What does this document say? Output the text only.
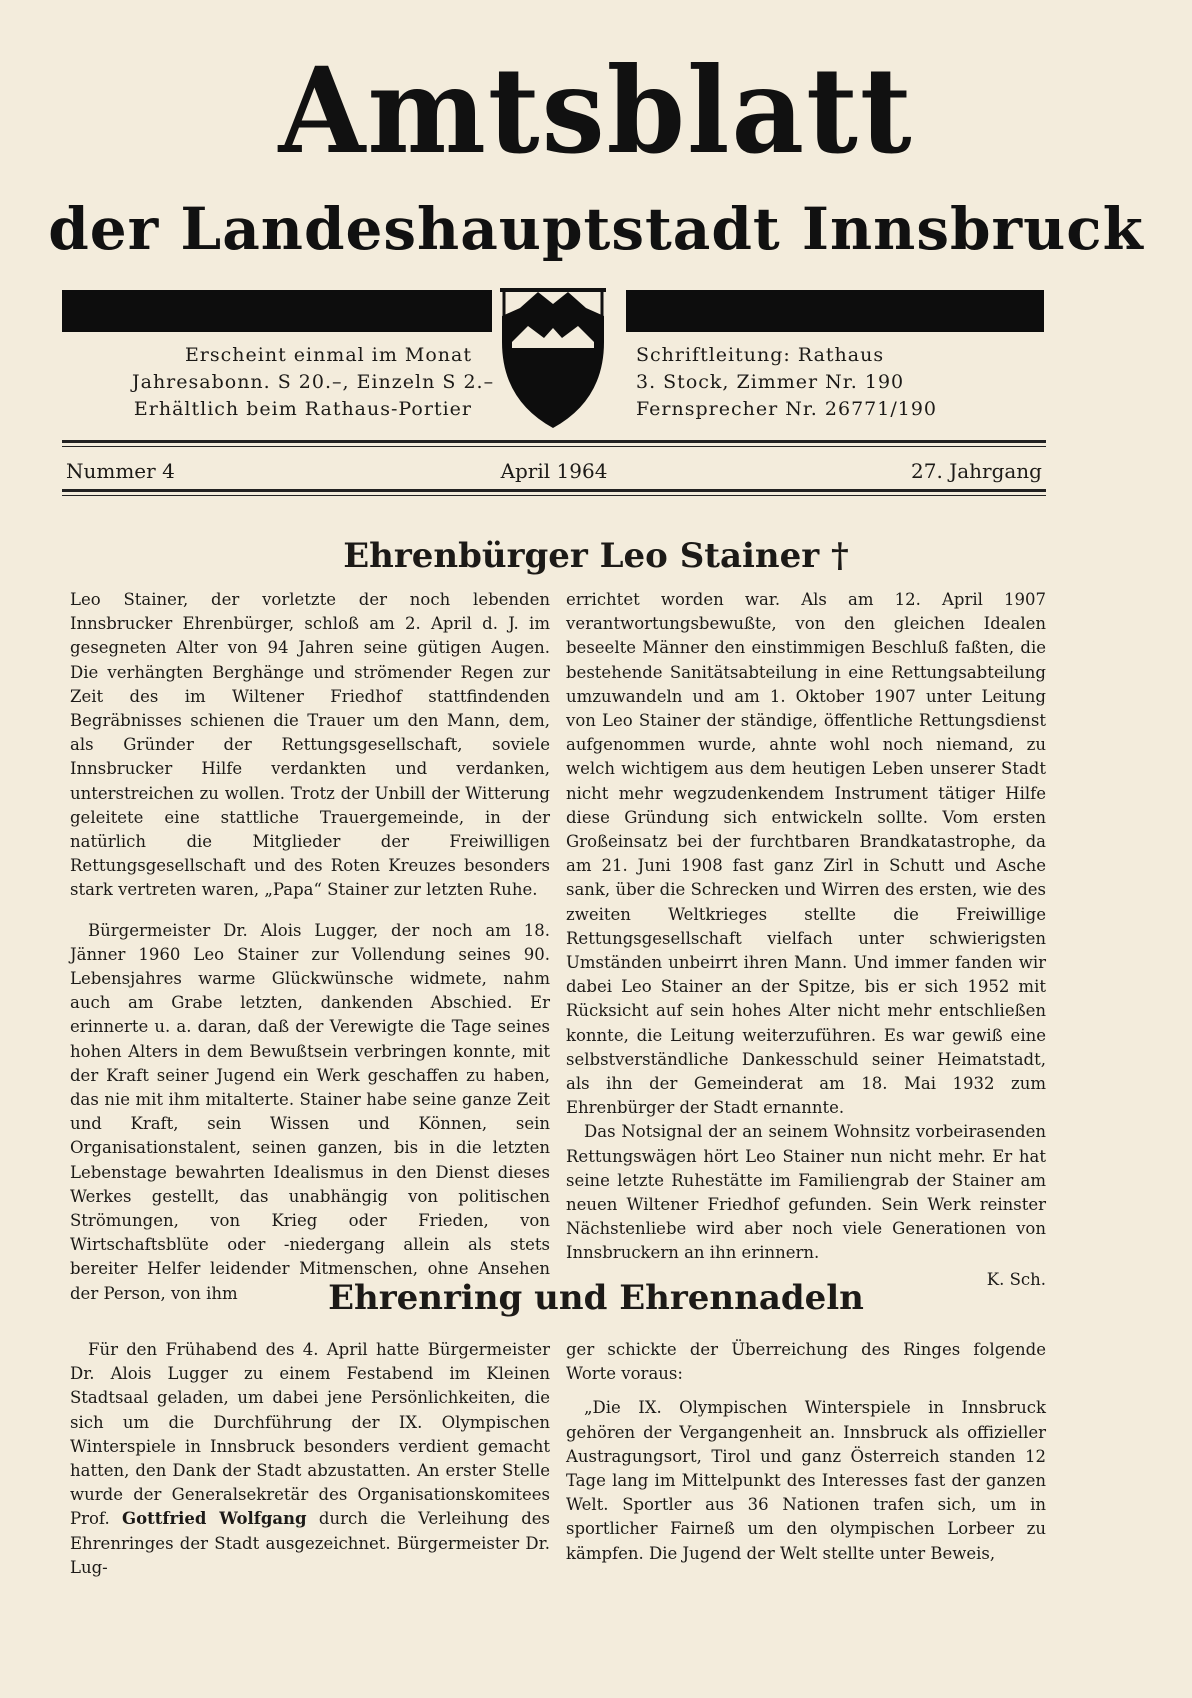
Amtsblatt
der Landeshauptstadt Innsbruck
Erscheint einmal im Monat
Jahresabonn. S 20.–, Einzeln S 2.–
Erhältlich beim Rathaus-Portier
Schriftleitung: Rathaus
3. Stock, Zimmer Nr. 190
Fernsprecher Nr. 26771/190
Nummer 4	April 1964	27. Jahrgang
Ehrenbürger Leo Stainer †

Leo Stainer, der vorletzte der noch lebenden Innsbrucker Ehrenbürger, schloß am 2. April d. J. im gesegneten Alter von 94 Jahren seine gütigen Augen. Die verhängten Berghänge und strömender Regen zur Zeit des im Wiltener Friedhof stattfindenden Begräbnisses schienen die Trauer um den Mann, dem, als Gründer der Rettungsgesellschaft, soviele Innsbrucker Hilfe verdankten und verdanken, unterstreichen zu wollen. Trotz der Unbill der Witterung geleitete eine stattliche Trauergemeinde, in der natürlich die Mitglieder der Freiwilligen Rettungsgesellschaft und des Roten Kreuzes besonders stark vertreten waren, „Papa“ Stainer zur letzten Ruhe.

Bürgermeister Dr. Alois Lugger, der noch am 18. Jänner 1960 Leo Stainer zur Vollendung seines 90. Lebensjahres warme Glückwünsche widmete, nahm auch am Grabe letzten, dankenden Abschied. Er erinnerte u. a. daran, daß der Verewigte die Tage seines hohen Alters in dem Bewußtsein verbringen konnte, mit der Kraft seiner Jugend ein Werk geschaffen zu haben, das nie mit ihm mitalterte. Stainer habe seine ganze Zeit und Kraft, sein Wissen und Können, sein Organisationstalent, seinen ganzen, bis in die letzten Lebenstage bewahrten Idealismus in den Dienst dieses Werkes gestellt, das unabhängig von politischen Strömungen, von Krieg oder Frieden, von Wirtschaftsblüte oder -niedergang allein als stets bereiter Helfer leidender Mitmenschen, ohne Ansehen der Person, von ihm

errichtet worden war. Als am 12. April 1907 verantwortungsbewußte, von den gleichen Idealen beseelte Männer den einstimmigen Beschluß faßten, die bestehende Sanitätsabteilung in eine Rettungsabteilung umzuwandeln und am 1. Oktober 1907 unter Leitung von Leo Stainer der ständige, öffentliche Rettungsdienst aufgenommen wurde, ahnte wohl noch niemand, zu welch wichtigem aus dem heutigen Leben unserer Stadt nicht mehr wegzudenkendem Instrument tätiger Hilfe diese Gründung sich entwickeln sollte. Vom ersten Großeinsatz bei der furchtbaren Brandkatastrophe, da am 21. Juni 1908 fast ganz Zirl in Schutt und Asche sank, über die Schrecken und Wirren des ersten, wie des zweiten Weltkrieges stellte die Freiwillige Rettungsgesellschaft vielfach unter schwierigsten Umständen unbeirrt ihren Mann. Und immer fanden wir dabei Leo Stainer an der Spitze, bis er sich 1952 mit Rücksicht auf sein hohes Alter nicht mehr entschließen konnte, die Leitung weiterzuführen. Es war gewiß eine selbstverständliche Dankesschuld seiner Heimatstadt, als ihn der Gemeinderat am 18. Mai 1932 zum Ehrenbürger der Stadt ernannte.

Das Notsignal der an seinem Wohnsitz vorbeirasenden Rettungswägen hört Leo Stainer nun nicht mehr. Er hat seine letzte Ruhestätte im Familiengrab der Stainer am neuen Wiltener Friedhof gefunden. Sein Werk reinster Nächstenliebe wird aber noch viele Generationen von Innsbruckern an ihn erinnern.

K. Sch.

Ehrenring und Ehrennadeln

Für den Frühabend des 4. April hatte Bürgermeister Dr. Alois Lugger zu einem Festabend im Kleinen Stadtsaal geladen, um dabei jene Persönlichkeiten, die sich um die Durchführung der IX. Olympischen Winterspiele in Innsbruck besonders verdient gemacht hatten, den Dank der Stadt abzustatten. An erster Stelle wurde der Generalsekretär des Organisationskomitees Prof. Gottfried Wolfgang durch die Verleihung des Ehrenringes der Stadt ausgezeichnet. Bürgermeister Dr. Lug-

ger schickte der Überreichung des Ringes folgende Worte voraus:

„Die IX. Olympischen Winterspiele in Innsbruck gehören der Vergangenheit an. Innsbruck als offizieller Austragungsort, Tirol und ganz Österreich standen 12 Tage lang im Mittelpunkt des Interesses fast der ganzen Welt. Sportler aus 36 Nationen trafen sich, um in sportlicher Fairneß um den olympischen Lorbeer zu kämpfen. Die Jugend der Welt stellte unter Beweis,
